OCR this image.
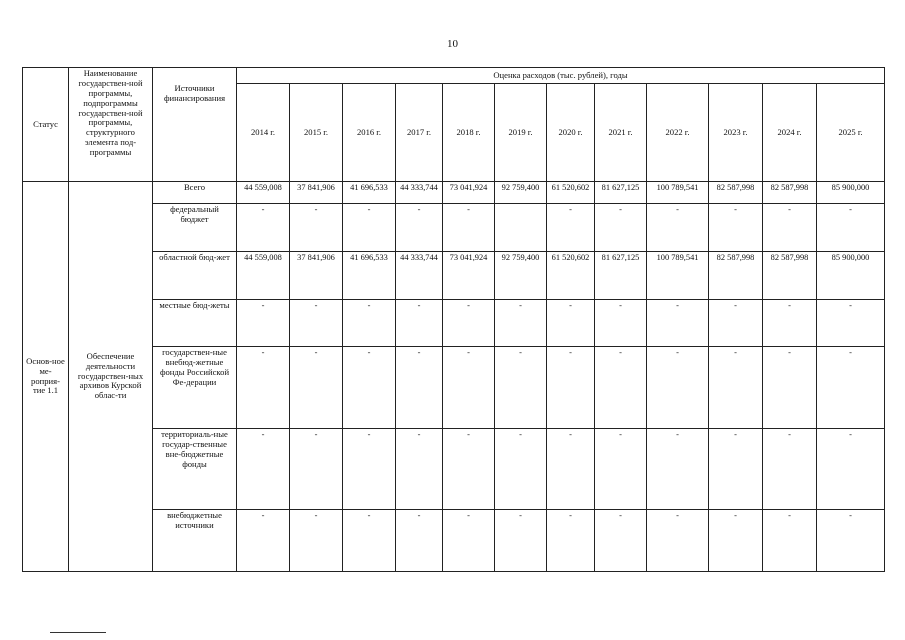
10
Статус	Наименование государствен-ной программы, подпрограммы государствен-ной программы, структурного элемента под-программы	Источники финансирования	Оценка расходов (тыс. рублей), годы											
			2014 г.	2015 г.	2016 г.	2017 г.	2018 г.	2019 г.	2020 г.	2021 г.	2022 г.	2023 г.	2024 г.	2025 г.
Основ-ное ме-роприя-тие 1.1	Обеспечение деятельности государствен-ных архивов Курской облас-ти	Всего	44 559,008	37 841,906	41 696,533	44 333,744	73 041,924	92 759,400	61 520,602	81 627,125	100 789,541	82 587,998	82 587,998	85 900,000
		федеральный бюджет	-	-	-	-	-		-	-	-	-	-	-
		областной бюд-жет	44 559,008	37 841,906	41 696,533	44 333,744	73 041,924	92 759,400	61 520,602	81 627,125	100 789,541	82 587,998	82 587,998	85 900,000
		местные бюд-жеты	-	-	-	-	-	-	-	-	-	-	-	-
		государствен-ные внебюд-жетные фонды Российской Фе-дерации	-	-	-	-	-	-	-	-	-	-	-	-
		территориаль-ные государ-ственные вне-бюджетные фонды	-	-	-	-	-	-	-	-	-	-	-	-
		внебюджетные источники	-	-	-	-	-	-	-	-	-	-	-	-
